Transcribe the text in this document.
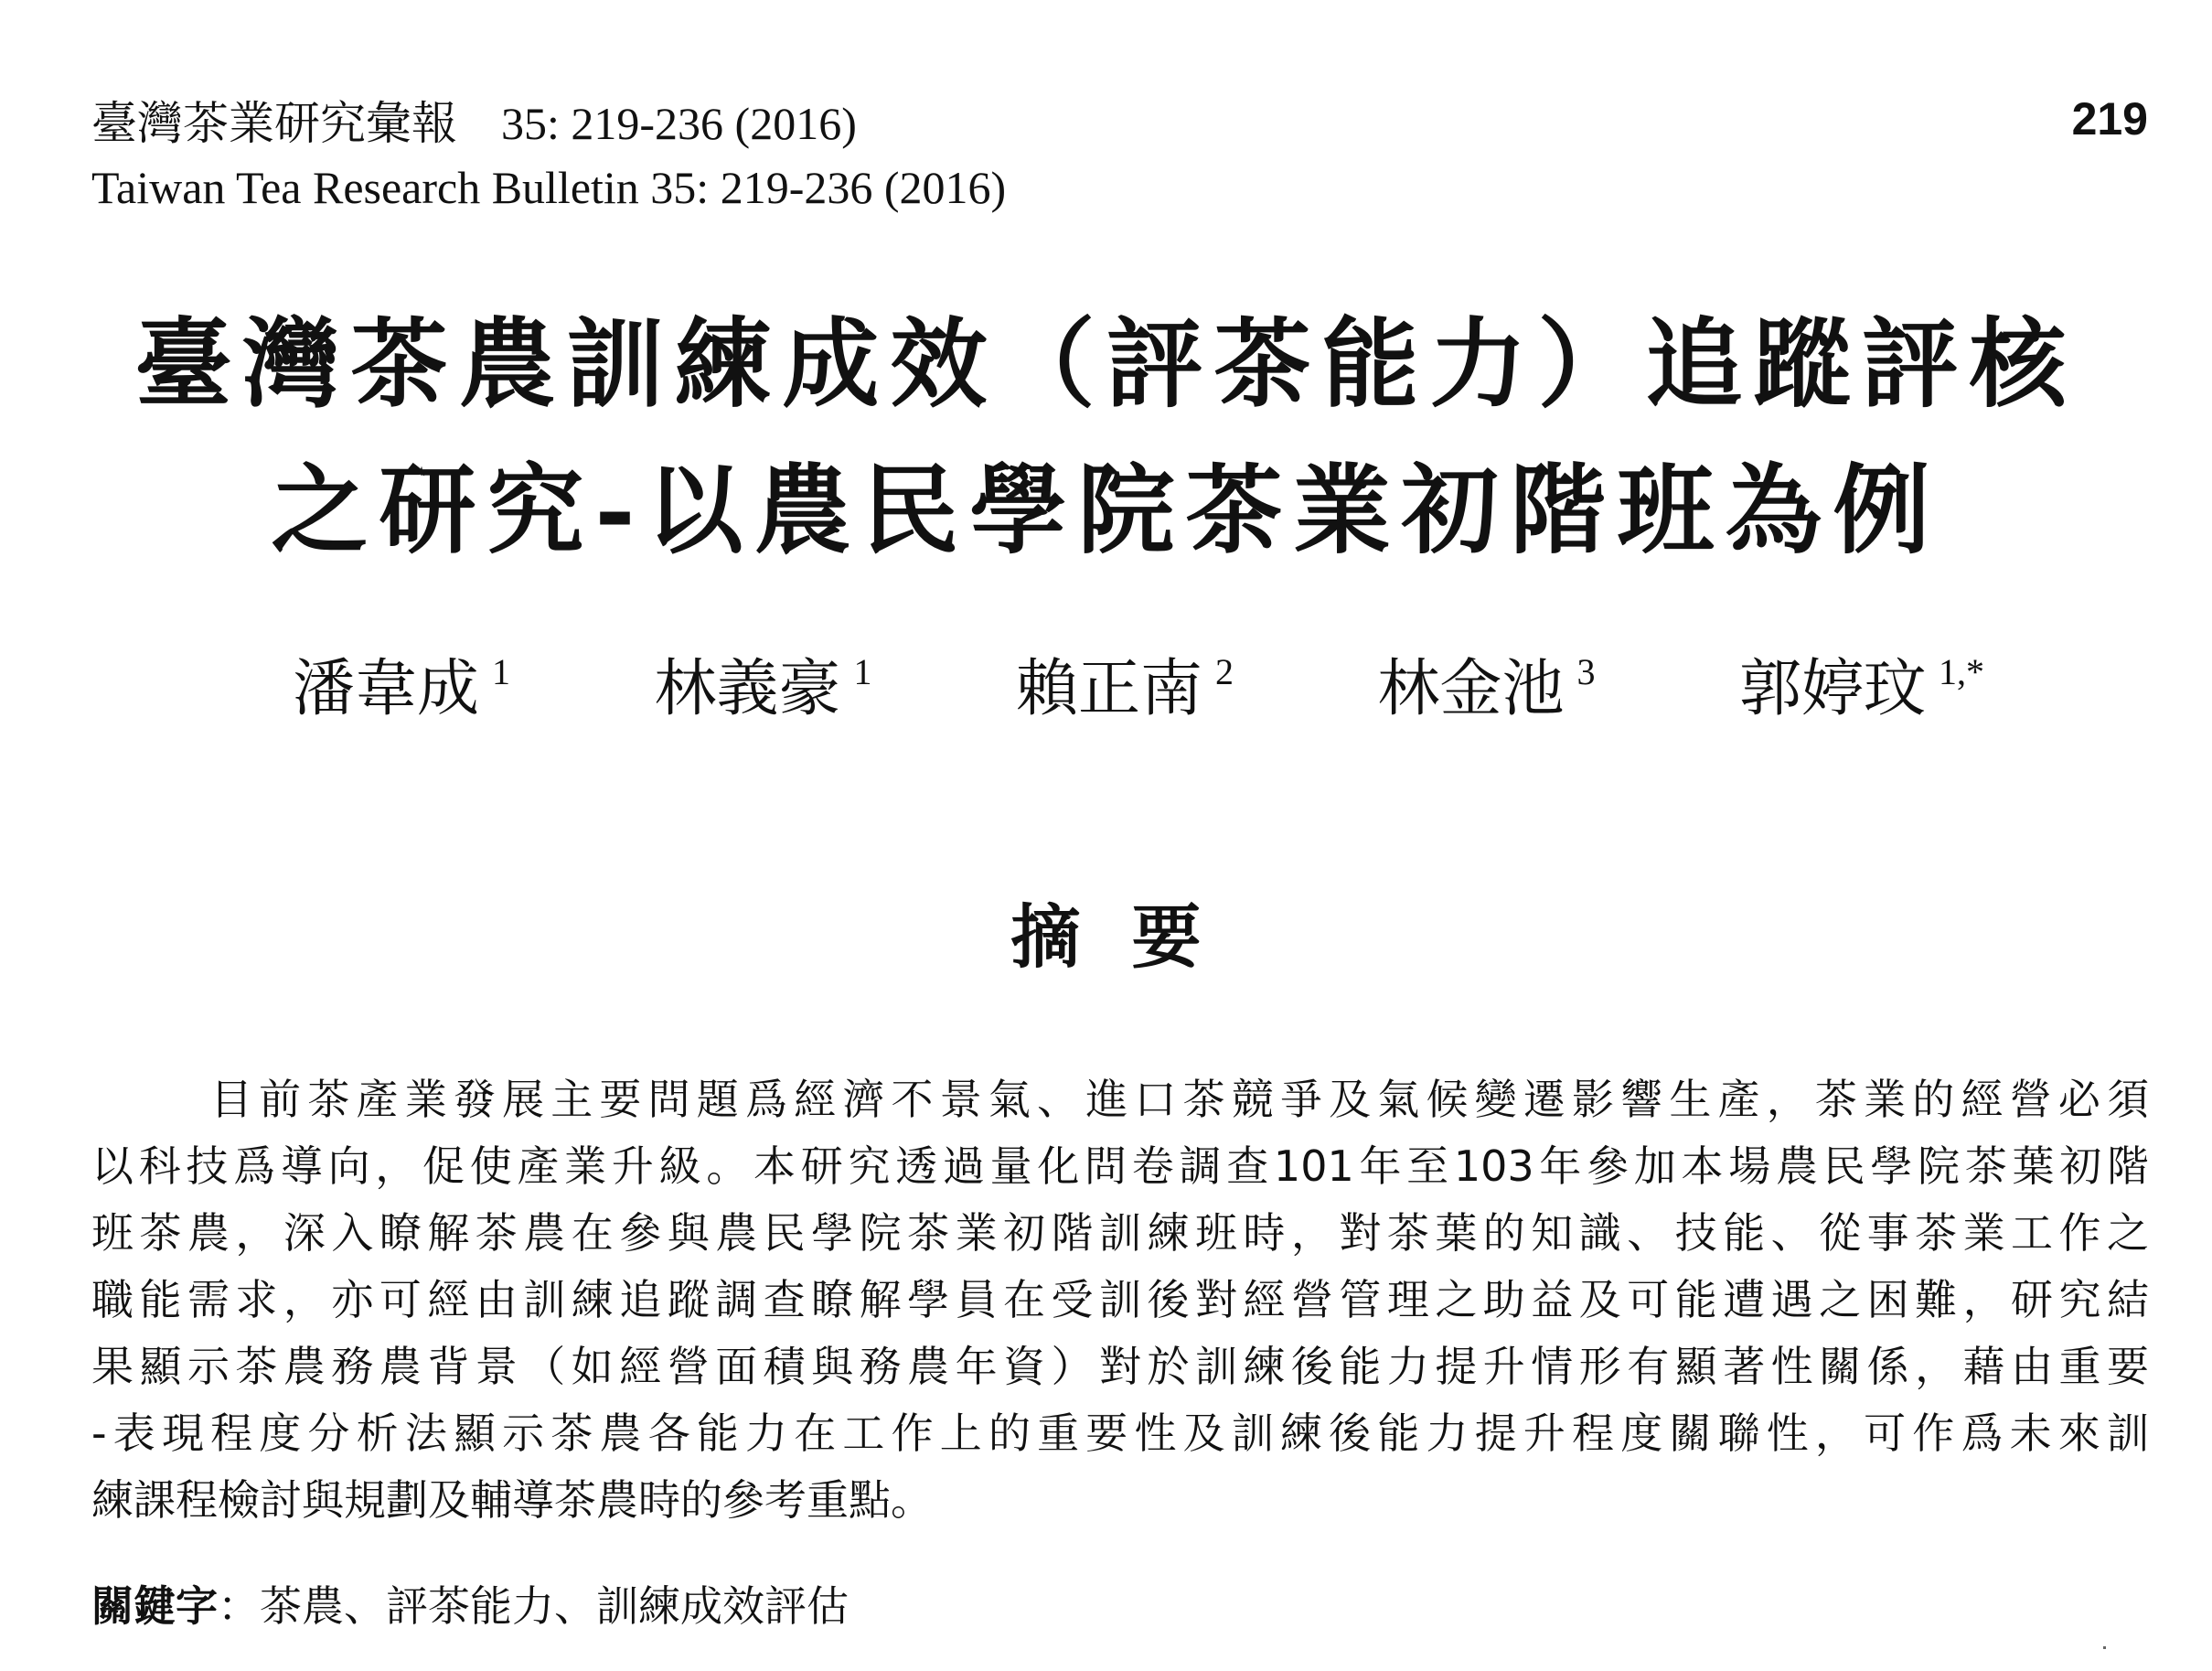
臺灣茶業研究彙報 35: 219-236 (2016)
Taiwan Tea Research Bulletin 35: 219-236 (2016)
219
臺灣茶農訓練成效（評茶能力）追蹤評核
之研究-以農民學院茶業初階班為例
潘韋成 $^1$ 林義豪 $^1$ 賴正南 $^2$ 林金池 $^3$ 郭婷玟 $^{1,*}$
摘 要
目前茶產業發展主要問題爲經濟不景氣、進口茶競爭及氣候變遷影響生產，茶業的經營必須
以科技爲導向，促使產業升級。本研究透過量化問卷調查101年至103年參加本場農民學院茶葉初階
班茶農，深入瞭解茶農在參與農民學院茶業初階訓練班時，對茶葉的知識、技能、從事茶業工作之
職能需求，亦可經由訓練追蹤調查瞭解學員在受訓後對經營管理之助益及可能遭遇之困難，研究結
果顯示茶農務農背景（如經營面積與務農年資）對於訓練後能力提升情形有顯著性關係，藉由重要
-表現程度分析法顯示茶農各能力在工作上的重要性及訓練後能力提升程度關聯性，可作爲未來訓
練課程檢討與規劃及輔導茶農時的參考重點。
關鍵字：茶農、評茶能力、訓練成效評估
